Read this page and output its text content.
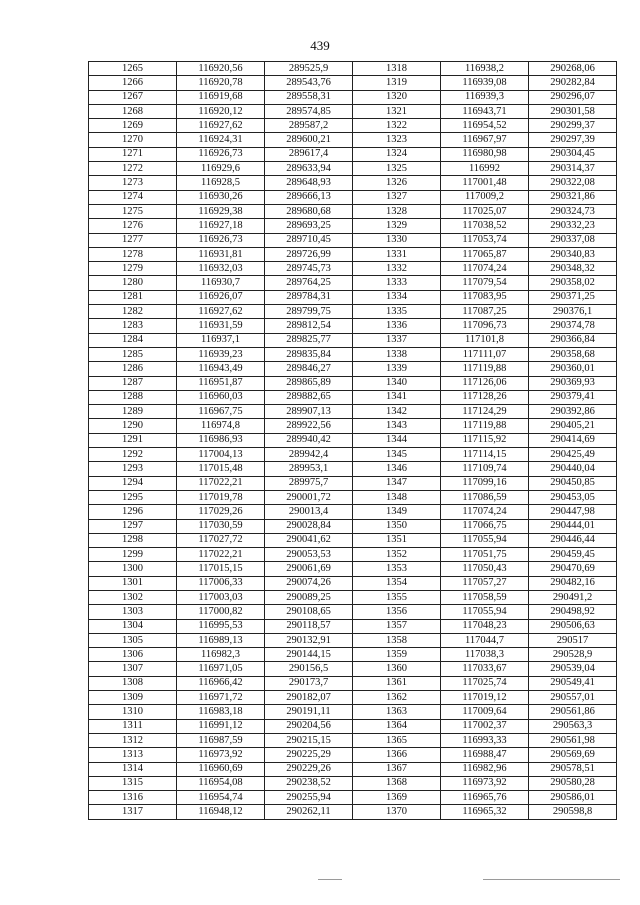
439
1265	116920,56	289525,9	1318	116938,2	290268,06
1266	116920,78	289543,76	1319	116939,08	290282,84
1267	116919,68	289558,31	1320	116939,3	290296,07
1268	116920,12	289574,85	1321	116943,71	290301,58
1269	116927,62	289587,2	1322	116954,52	290299,37
1270	116924,31	289600,21	1323	116967,97	290297,39
1271	116926,73	289617,4	1324	116980,98	290304,45
1272	116929,6	289633,94	1325	116992	290314,37
1273	116928,5	289648,93	1326	117001,48	290322,08
1274	116930,26	289666,13	1327	117009,2	290321,86
1275	116929,38	289680,68	1328	117025,07	290324,73
1276	116927,18	289693,25	1329	117038,52	290332,23
1277	116926,73	289710,45	1330	117053,74	290337,08
1278	116931,81	289726,99	1331	117065,87	290340,83
1279	116932,03	289745,73	1332	117074,24	290348,32
1280	116930,7	289764,25	1333	117079,54	290358,02
1281	116926,07	289784,31	1334	117083,95	290371,25
1282	116927,62	289799,75	1335	117087,25	290376,1
1283	116931,59	289812,54	1336	117096,73	290374,78
1284	116937,1	289825,77	1337	117101,8	290366,84
1285	116939,23	289835,84	1338	117111,07	290358,68
1286	116943,49	289846,27	1339	117119,88	290360,01
1287	116951,87	289865,89	1340	117126,06	290369,93
1288	116960,03	289882,65	1341	117128,26	290379,41
1289	116967,75	289907,13	1342	117124,29	290392,86
1290	116974,8	289922,56	1343	117119,88	290405,21
1291	116986,93	289940,42	1344	117115,92	290414,69
1292	117004,13	289942,4	1345	117114,15	290425,49
1293	117015,48	289953,1	1346	117109,74	290440,04
1294	117022,21	289975,7	1347	117099,16	290450,85
1295	117019,78	290001,72	1348	117086,59	290453,05
1296	117029,26	290013,4	1349	117074,24	290447,98
1297	117030,59	290028,84	1350	117066,75	290444,01
1298	117027,72	290041,62	1351	117055,94	290446,44
1299	117022,21	290053,53	1352	117051,75	290459,45
1300	117015,15	290061,69	1353	117050,43	290470,69
1301	117006,33	290074,26	1354	117057,27	290482,16
1302	117003,03	290089,25	1355	117058,59	290491,2
1303	117000,82	290108,65	1356	117055,94	290498,92
1304	116995,53	290118,57	1357	117048,23	290506,63
1305	116989,13	290132,91	1358	117044,7	290517
1306	116982,3	290144,15	1359	117038,3	290528,9
1307	116971,05	290156,5	1360	117033,67	290539,04
1308	116966,42	290173,7	1361	117025,74	290549,41
1309	116971,72	290182,07	1362	117019,12	290557,01
1310	116983,18	290191,11	1363	117009,64	290561,86
1311	116991,12	290204,56	1364	117002,37	290563,3
1312	116987,59	290215,15	1365	116993,33	290561,98
1313	116973,92	290225,29	1366	116988,47	290569,69
1314	116960,69	290229,26	1367	116982,96	290578,51
1315	116954,08	290238,52	1368	116973,92	290580,28
1316	116954,74	290255,94	1369	116965,76	290586,01
1317	116948,12	290262,11	1370	116965,32	290598,8
